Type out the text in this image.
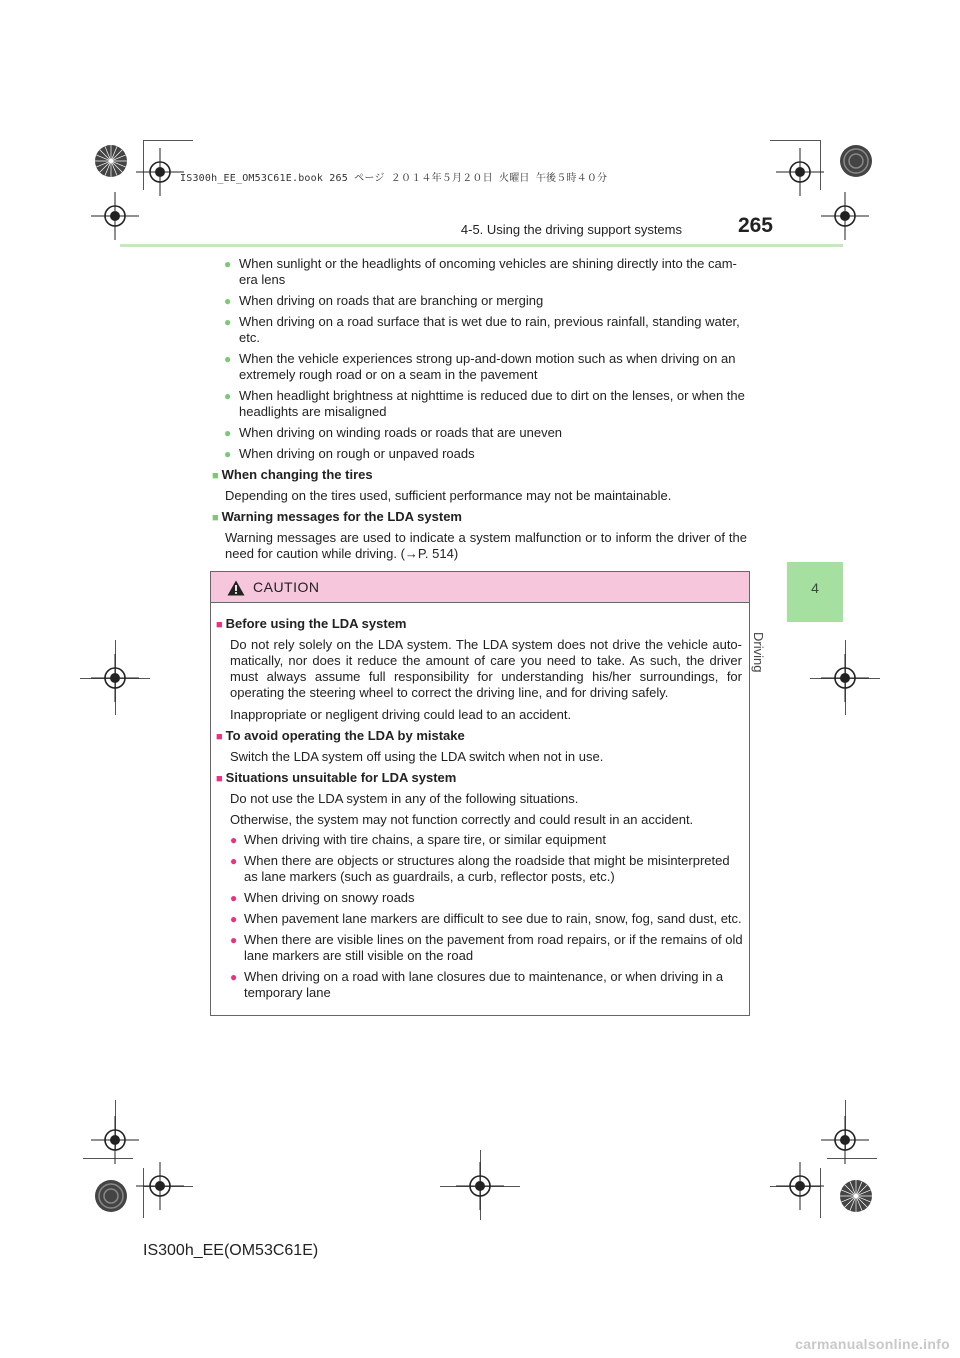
IS300h_EE_OM53C61E.book 265 ページ ２０１４年５月２０日 火曜日 午後５時４０分
4-5. Using the driving support systems	265
4
Driving
● When sunlight or the headlights of oncoming vehicles are shining directly into the cam-era lens
● When driving on roads that are branching or merging
● When driving on a road surface that is wet due to rain, previous rainfall, standing water, etc.
● When the vehicle experiences strong up-and-down motion such as when driving on an extremely rough road or on a seam in the pavement
● When headlight brightness at nighttime is reduced due to dirt on the lenses, or when the headlights are misaligned
● When driving on winding roads or roads that are uneven
● When driving on rough or unpaved roads
■ When changing the tires
Depending on the tires used, sufficient performance may not be maintainable.
■ Warning messages for the LDA system
Warning messages are used to indicate a system malfunction or to inform the driver of the need for caution while driving. (→P. 514)
CAUTION
■ Before using the LDA system
Do not rely solely on the LDA system. The LDA system does not drive the vehicle auto-matically, nor does it reduce the amount of care you need to take. As such, the driver must always assume full responsibility for understanding his/her surroundings, for operating the steering wheel to correct the driving line, and for driving safely.
Inappropriate or negligent driving could lead to an accident.
■ To avoid operating the LDA by mistake
Switch the LDA system off using the LDA switch when not in use.
■ Situations unsuitable for LDA system
Do not use the LDA system in any of the following situations.
Otherwise, the system may not function correctly and could result in an accident.
● When driving with tire chains, a spare tire, or similar equipment
● When there are objects or structures along the roadside that might be misinterpreted as lane markers (such as guardrails, a curb, reflector posts, etc.)
● When driving on snowy roads
● When pavement lane markers are difficult to see due to rain, snow, fog, sand dust, etc.
● When there are visible lines on the pavement from road repairs, or if the remains of old lane markers are still visible on the road
● When driving on a road with lane closures due to maintenance, or when driving in a temporary lane
IS300h_EE(OM53C61E)
carmanualsonline.info
